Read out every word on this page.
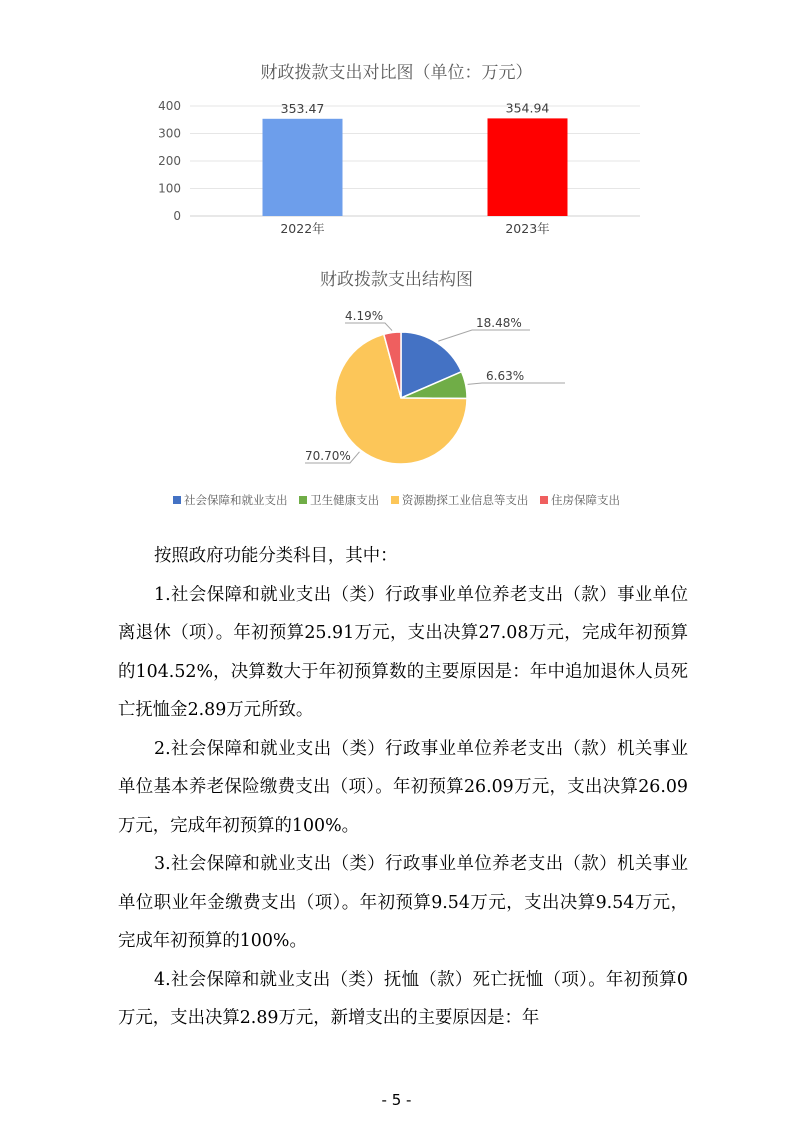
财政拨款支出对比图（单位：万元）
0
100
200
300
400	353.47
2022年
354.94
2023年
财政拨款支出结构图
18.48%
6.63%
70.70%
4.19%
社会保障和就业支出 卫生健康支出 资源勘探工业信息等支出 住房保障支出

按照政府功能分类科目，其中：

1.社会保障和就业支出（类）行政事业单位养老支出（款）事业单位离退休（项）。年初预算25.91万元，支出决算27.08万元，完成年初预算的104.52%，决算数大于年初预算数的主要原因是：年中追加退休人员死亡抚恤金2.89万元所致。

2.社会保障和就业支出（类）行政事业单位养老支出（款）机关事业单位基本养老保险缴费支出（项）。年初预算26.09万元，支出决算26.09万元，完成年初预算的100%。

3.社会保障和就业支出（类）行政事业单位养老支出（款）机关事业单位职业年金缴费支出（项）。年初预算9.54万元，支出决算9.54万元，完成年初预算的100%。

4.社会保障和就业支出（类）抚恤（款）死亡抚恤（项）。年初预算0万元，支出决算2.89万元，新增支出的主要原因是：年

- 5 -
